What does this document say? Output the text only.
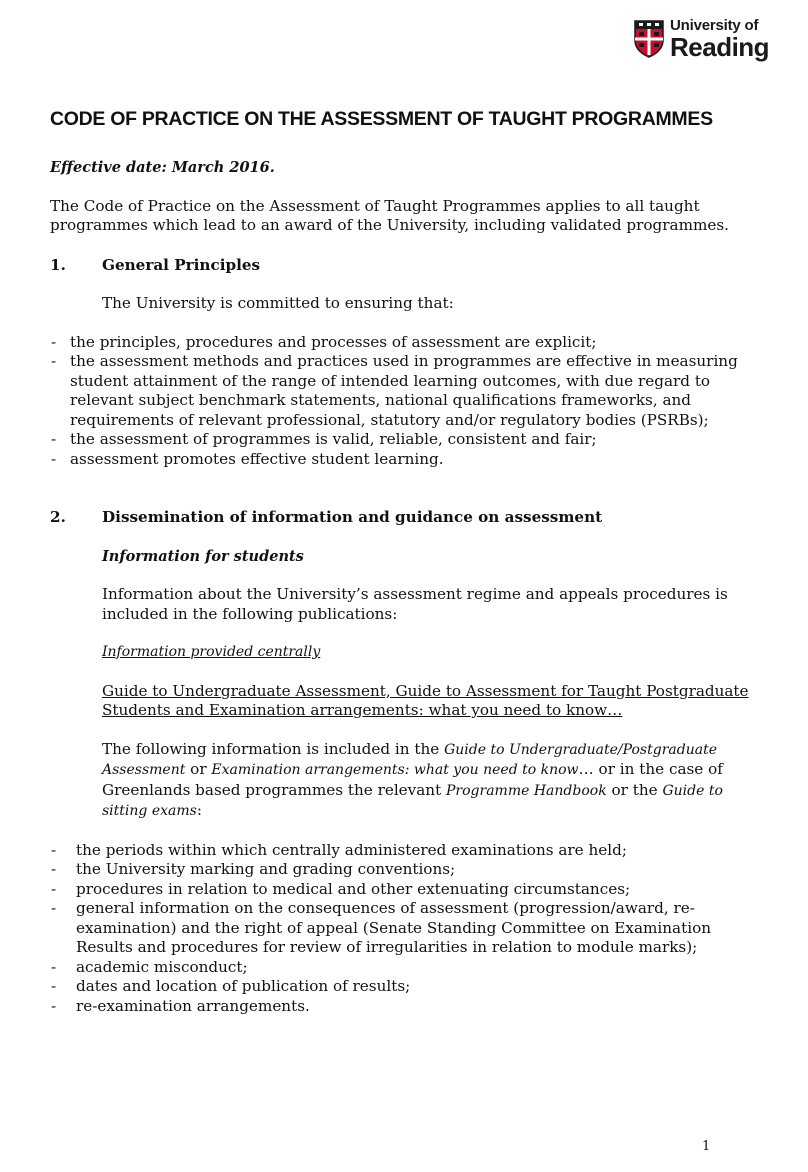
University of
Reading
CODE OF PRACTICE ON THE ASSESSMENT OF TAUGHT PROGRAMMES

Effective date: March 2016.

The Code of Practice on the Assessment of Taught Programmes applies to all taught programmes which lead to an award of the University, including validated programmes.

1.	General Principles

The University is committed to ensuring that:

- the principles, procedures and processes of assessment are explicit;
- the assessment methods and practices used in programmes are effective in measuring student attainment of the range of intended learning outcomes, with due regard to relevant subject benchmark statements, national qualifications frameworks, and requirements of relevant professional, statutory and/or regulatory bodies (PSRBs);
- the assessment of programmes is valid, reliable, consistent and fair;
- assessment promotes effective student learning.
2.	Dissemination of information and guidance on assessment

Information for students

Information about the University’s assessment regime and appeals procedures is included in the following publications:

Information provided centrally

Guide to Undergraduate Assessment, Guide to Assessment for Taught Postgraduate Students and Examination arrangements: what you need to know…

The following information is included in the Guide to Undergraduate/Postgraduate Assessment or Examination arrangements: what you need to know… or in the case of Greenlands based programmes the relevant Programme Handbook or the Guide to sitting exams:

- the periods within which centrally administered examinations are held;
- the University marking and grading conventions;
- procedures in relation to medical and other extenuating circumstances;
- general information on the consequences of assessment (progression/award, re-examination) and the right of appeal (Senate Standing Committee on Examination Results and procedures for review of irregularities in relation to module marks);
- academic misconduct;
- dates and location of publication of results;
- re-examination arrangements.
1
